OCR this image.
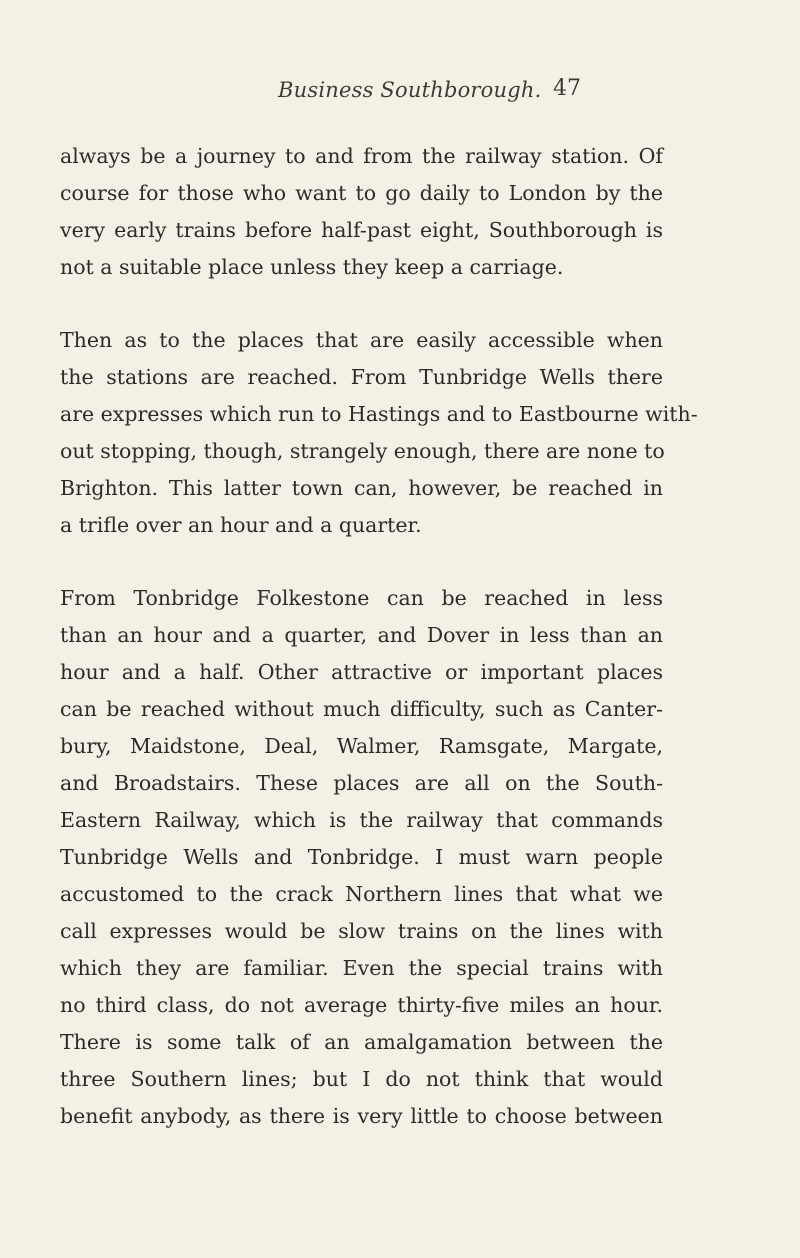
Business Southborough. 47
always be a journey to and from the railway station. Of
course for those who want to go daily to London by the
very early trains before half-past eight, Southborough is
not a suitable place unless they keep a carriage.
Then as to the places that are easily accessible when
the stations are reached. From Tunbridge Wells there
are expresses which run to Hastings and to Eastbourne with-
out stopping, though, strangely enough, there are none to
Brighton. This latter town can, however, be reached in
a trifle over an hour and a quarter.
From Tonbridge Folkestone can be reached in less
than an hour and a quarter, and Dover in less than an
hour and a half. Other attractive or important places
can be reached without much difficulty, such as Canter-
bury, Maidstone, Deal, Walmer, Ramsgate, Margate,
and Broadstairs. These places are all on the South-
Eastern Railway, which is the railway that commands
Tunbridge Wells and Tonbridge. I must warn people
accustomed to the crack Northern lines that what we
call expresses would be slow trains on the lines with
which they are familiar. Even the special trains with
no third class, do not average thirty-five miles an hour.
There is some talk of an amalgamation between the
three Southern lines; but I do not think that would
benefit anybody, as there is very little to choose between
